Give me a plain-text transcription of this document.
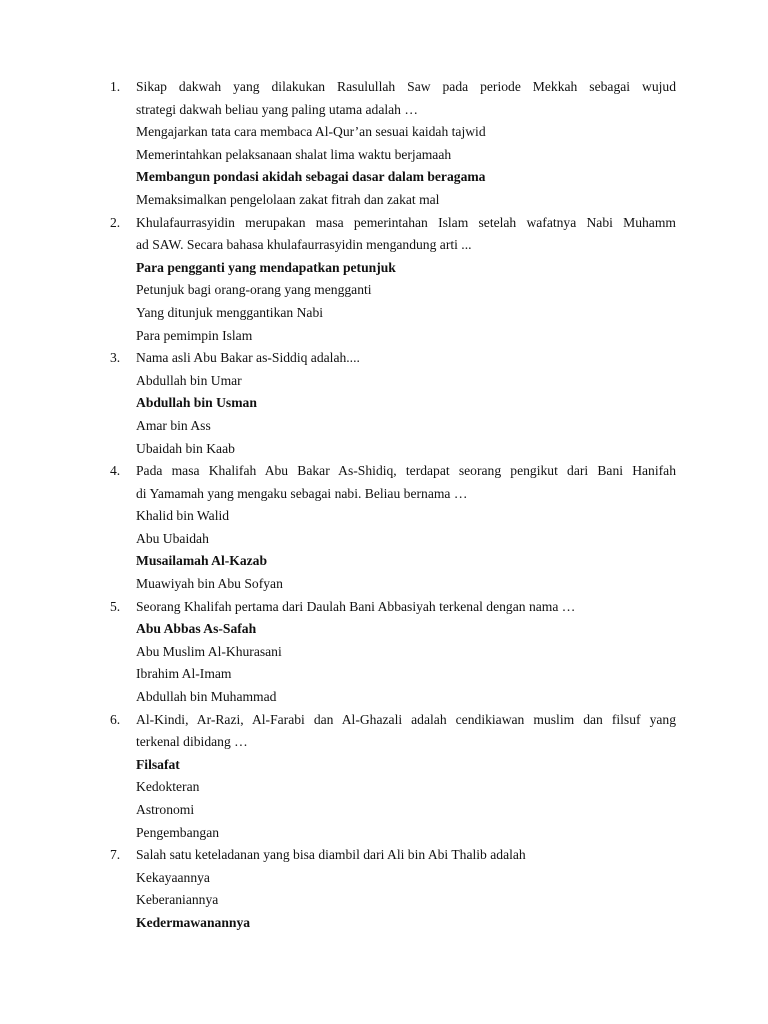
1.	Sikap dakwah yang dilakukan Rasulullah Saw pada periode Mekkah sebagai wujud
strategi dakwah beliau yang paling utama adalah …
Mengajarkan tata cara membaca Al-Qur’an sesuai kaidah tajwid
Memerintahkan pelaksanaan shalat lima waktu berjamaah
Membangun pondasi akidah sebagai dasar dalam beragama
Memaksimalkan pengelolaan zakat fitrah dan zakat mal
2.	Khulafaurrasyidin merupakan masa pemerintahan Islam setelah wafatnya Nabi Muhamm
ad SAW. Secara bahasa khulafaurrasyidin mengandung arti ...
Para pengganti yang mendapatkan petunjuk
Petunjuk bagi orang-orang yang mengganti
Yang ditunjuk menggantikan Nabi
Para pemimpin Islam
3.	Nama asli Abu Bakar as-Siddiq adalah....
Abdullah bin Umar
Abdullah bin Usman
Amar bin Ass
Ubaidah bin Kaab
4.	Pada masa Khalifah Abu Bakar As-Shidiq, terdapat seorang pengikut dari Bani Hanifah
di Yamamah yang mengaku sebagai nabi. Beliau bernama …
Khalid bin Walid
Abu Ubaidah
Musailamah Al-Kazab
Muawiyah bin Abu Sofyan
5.	Seorang Khalifah pertama dari Daulah Bani Abbasiyah terkenal dengan nama …
Abu Abbas As-Safah
Abu Muslim Al-Khurasani
Ibrahim Al-Imam
Abdullah bin Muhammad
6.	Al-Kindi, Ar-Razi, Al-Farabi dan Al-Ghazali adalah cendikiawan muslim dan filsuf yang
terkenal dibidang …
Filsafat
Kedokteran
Astronomi
Pengembangan
7.	Salah satu keteladanan yang bisa diambil dari Ali bin Abi Thalib adalah
Kekayaannya
Keberaniannya
Kedermawanannya
